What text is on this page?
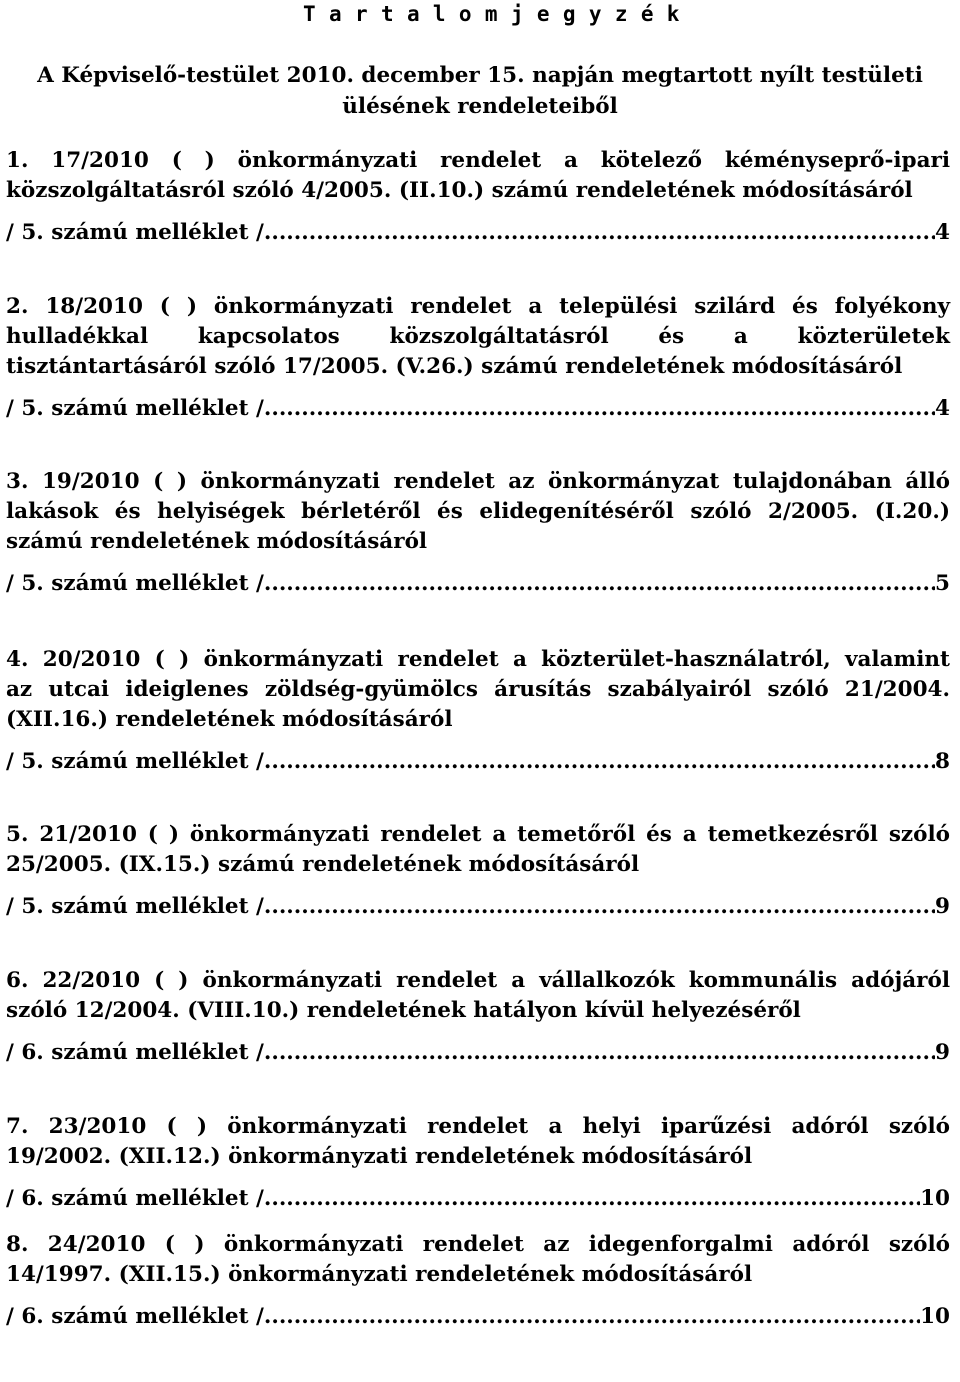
T a r t a l o m j e g y z é k
A Képviselő-testület 2010. december 15. napján megtartott nyílt testületi ülésének rendeleteiből

1. 17/2010 ( ) önkormányzati rendelet a kötelező kéményseprő-ipari
közszolgáltatásról szóló 4/2005. (II.10.) számú rendeletének módosításáról

/ 5. számú melléklet / .....	4

2. 18/2010 ( ) önkormányzati rendelet a települési szilárd és folyékony
hulladékkal kapcsolatos közszolgáltatásról és a közterületek
tisztántartásáról szóló 17/2005. (V.26.) számú rendeletének módosításáról

/ 5. számú melléklet / .....	4

3. 19/2010 ( ) önkormányzati rendelet az önkormányzat tulajdonában álló
lakások és helyiségek bérletéről és elidegenítéséről szóló 2/2005. (I.20.)
számú rendeletének módosításáról

/ 5. számú melléklet / .....	5

4. 20/2010 ( ) önkormányzati rendelet a közterület-használatról, valamint
az utcai ideiglenes zöldség-gyümölcs árusítás szabályairól szóló 21/2004.
(XII.16.) rendeletének módosításáról

/ 5. számú melléklet / .....	8

5. 21/2010 ( ) önkormányzati rendelet a temetőről és a temetkezésről szóló
25/2005. (IX.15.) számú rendeletének módosításáról

/ 5. számú melléklet / .....	9

6. 22/2010 ( ) önkormányzati rendelet a vállalkozók kommunális adójáról
szóló 12/2004. (VIII.10.) rendeletének hatályon kívül helyezéséről

/ 6. számú melléklet / .....	9

7. 23/2010 ( ) önkormányzati rendelet a helyi iparűzési adóról szóló
19/2002. (XII.12.) önkormányzati rendeletének módosításáról

/ 6. számú melléklet / .....	10

8. 24/2010 ( ) önkormányzati rendelet az idegenforgalmi adóról szóló
14/1997. (XII.15.) önkormányzati rendeletének módosításáról

/ 6. számú melléklet / .....	10
